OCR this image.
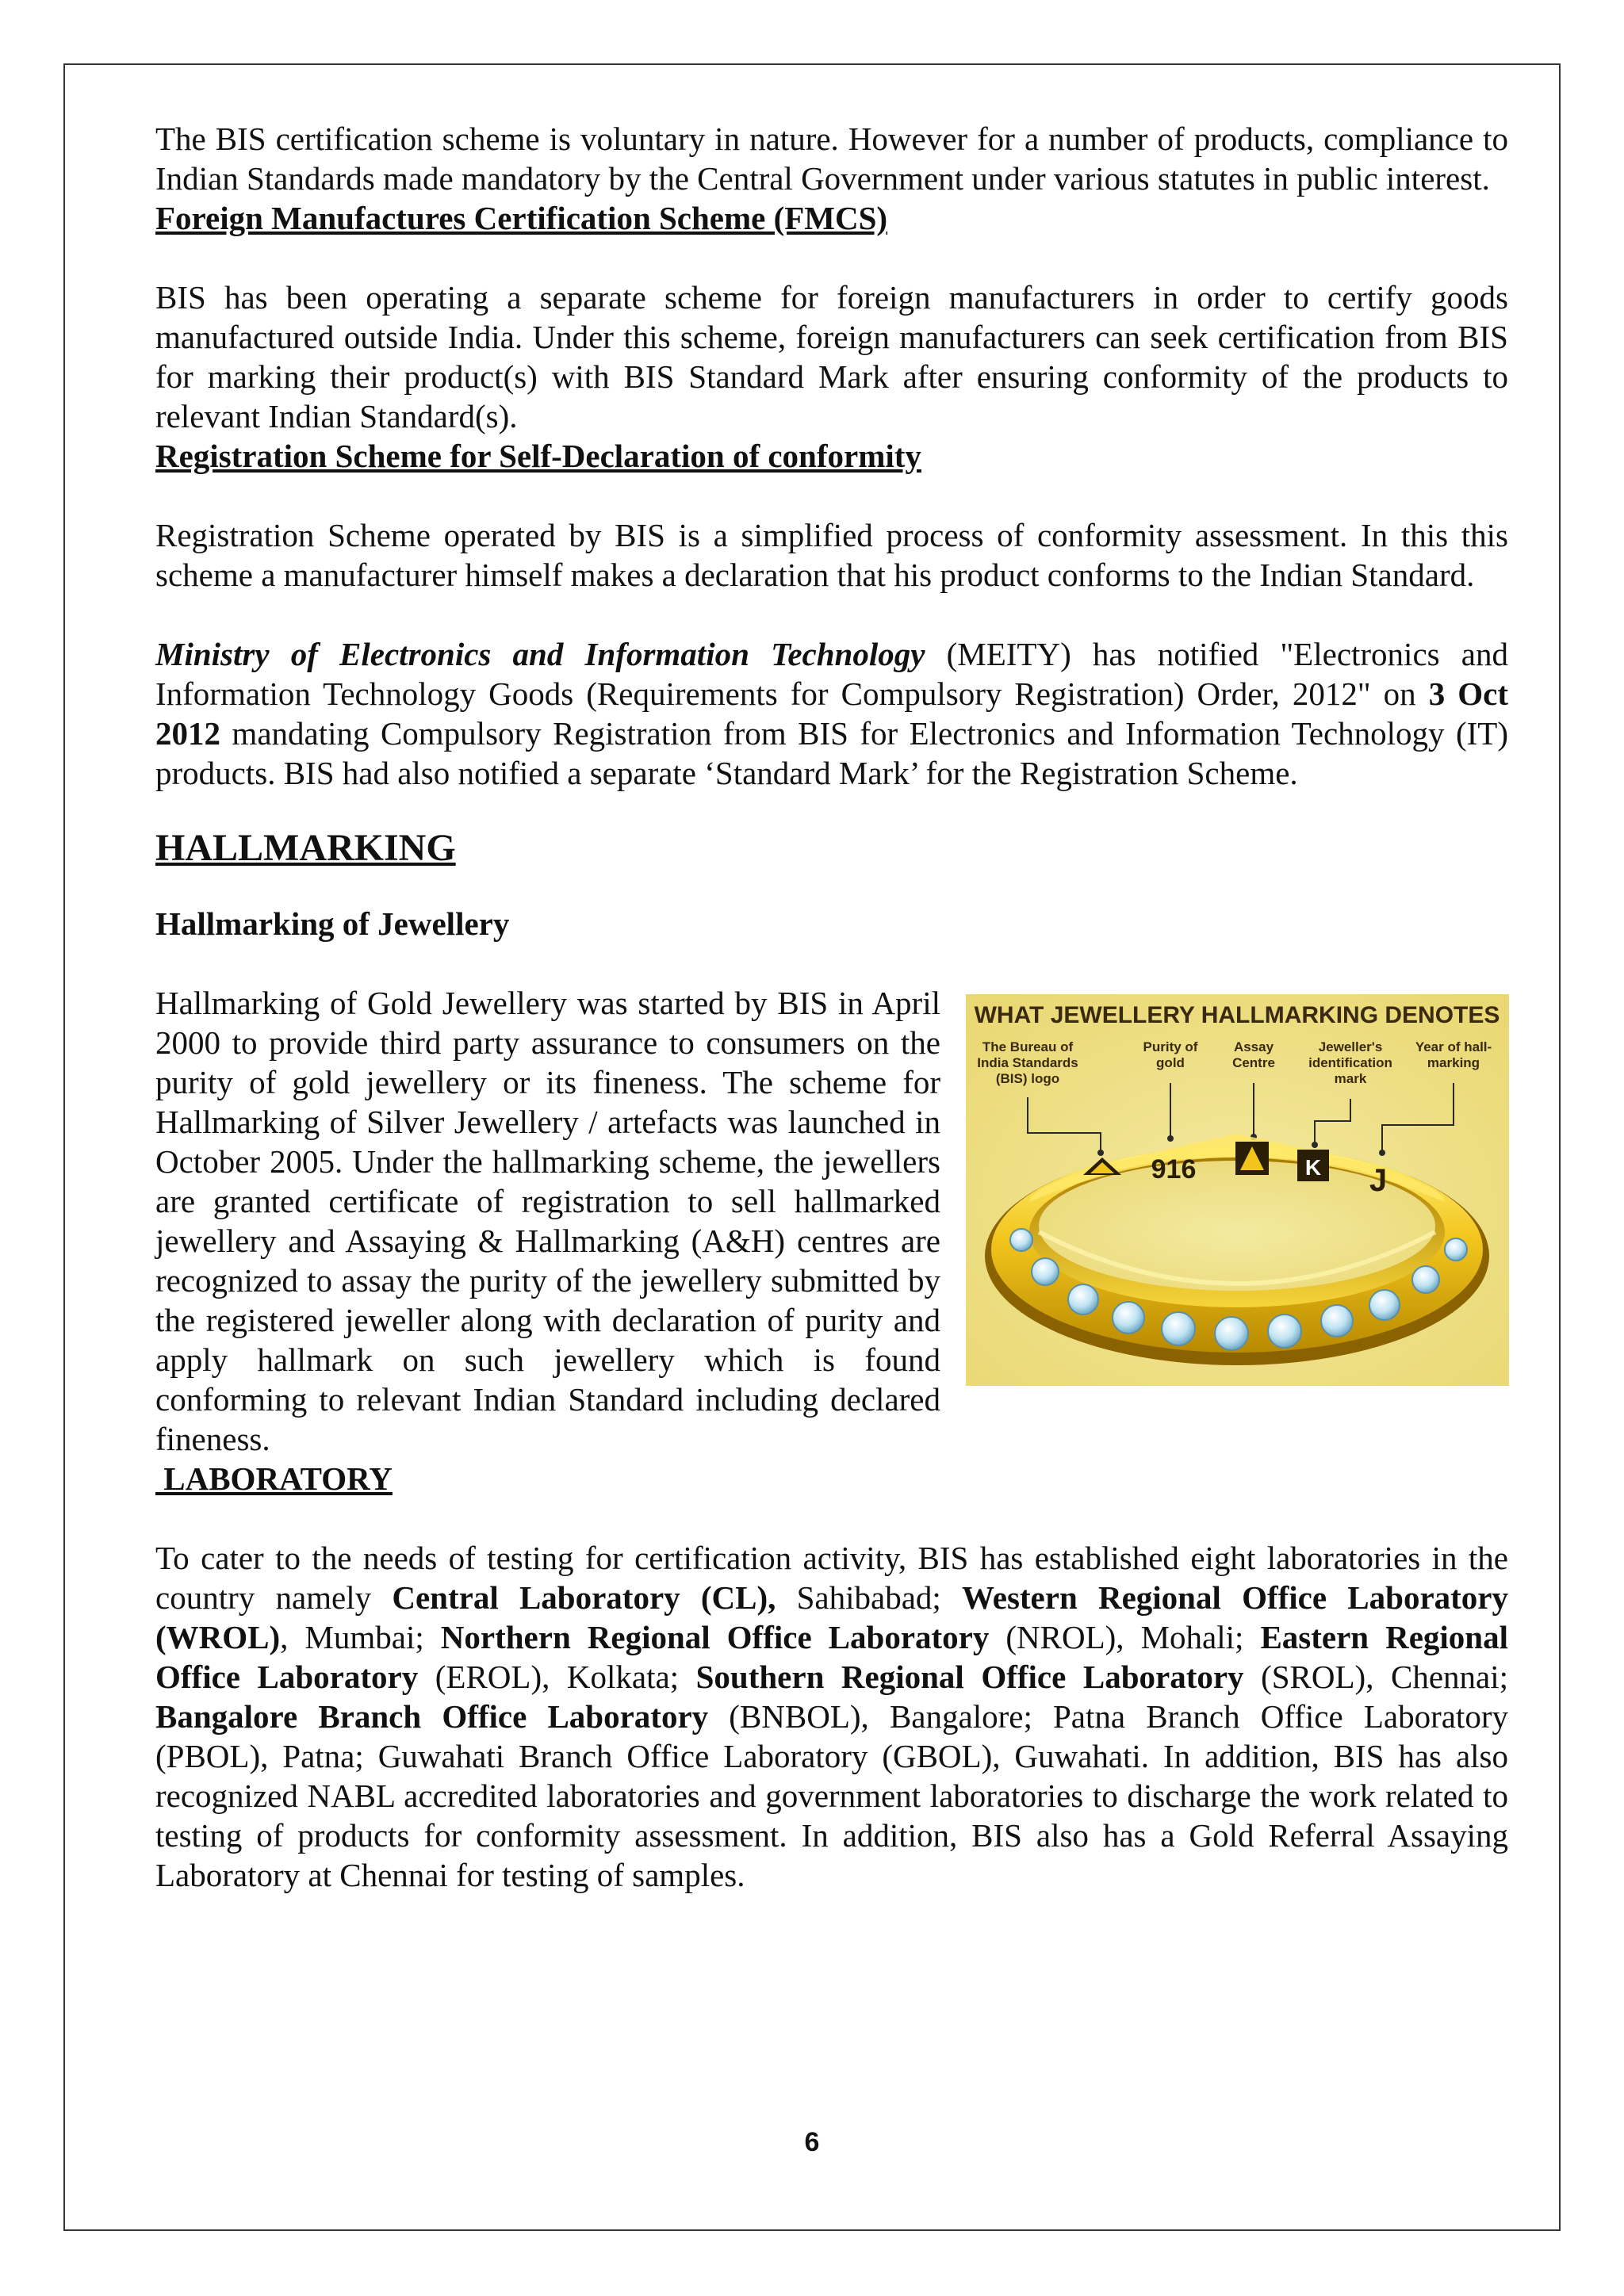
The BIS certification scheme is voluntary in nature. However for a number of products, compliance to Indian Standards made mandatory by the Central Government under various statutes in public interest.

Foreign Manufactures Certification Scheme (FMCS)

BIS has been operating a separate scheme for foreign manufacturers in order to certify goods manufactured outside India. Under this scheme, foreign manufacturers can seek certification from BIS for marking their product(s) with BIS Standard Mark after ensuring conformity of the products to relevant Indian Standard(s).

Registration Scheme for Self-Declaration of conformity

Registration Scheme operated by BIS is a simplified process of conformity assessment. In this this scheme a manufacturer himself makes a declaration that his product conforms to the Indian Standard.

Ministry of Electronics and Information Technology (MEITY) has notified "Electronics and Information Technology Goods (Requirements for Compulsory Registration) Order, 2012" on 3 Oct 2012 mandating Compulsory Registration from BIS for Electronics and Information Technology (IT) products. BIS had also notified a separate ‘Standard Mark’ for the Registration Scheme.

HALLMARKING
Hallmarking of Jewellery

Hallmarking of Gold Jewellery was started by BIS in April 2000 to provide third party assurance to consumers on the purity of gold jewellery or its fineness. The scheme for Hallmarking of Silver Jewellery / artefacts was launched in October 2005. Under the hallmarking scheme, the jewellers are granted certificate of registration to sell hallmarked jewellery and Assaying & Hallmarking (A&H) centres are recognized to assay the purity of the jewellery submitted by the registered jeweller along with declaration of purity and apply hallmark on such jewellery which is found conforming to relevant Indian Standard including declared fineness.

WHAT JEWELLERY HALLMARKING DENOTES
The Bureau of India Standards (BIS) logo
Purity of gold
Assay Centre
Jeweller's identification mark
Year of hall-marking
916	K J
LABORATORY

To cater to the needs of testing for certification activity, BIS has established eight laboratories in the country namely Central Laboratory (CL), Sahibabad; Western Regional Office Laboratory (WROL), Mumbai; Northern Regional Office Laboratory (NROL), Mohali; Eastern Regional Office Laboratory (EROL), Kolkata; Southern Regional Office Laboratory (SROL), Chennai; Bangalore Branch Office Laboratory (BNBOL), Bangalore; Patna Branch Office Laboratory (PBOL), Patna; Guwahati Branch Office Laboratory (GBOL), Guwahati. In addition, BIS has also recognized NABL accredited laboratories and government laboratories to discharge the work related to testing of products for conformity assessment. In addition, BIS also has a Gold Referral Assaying Laboratory at Chennai for testing of samples.

6
